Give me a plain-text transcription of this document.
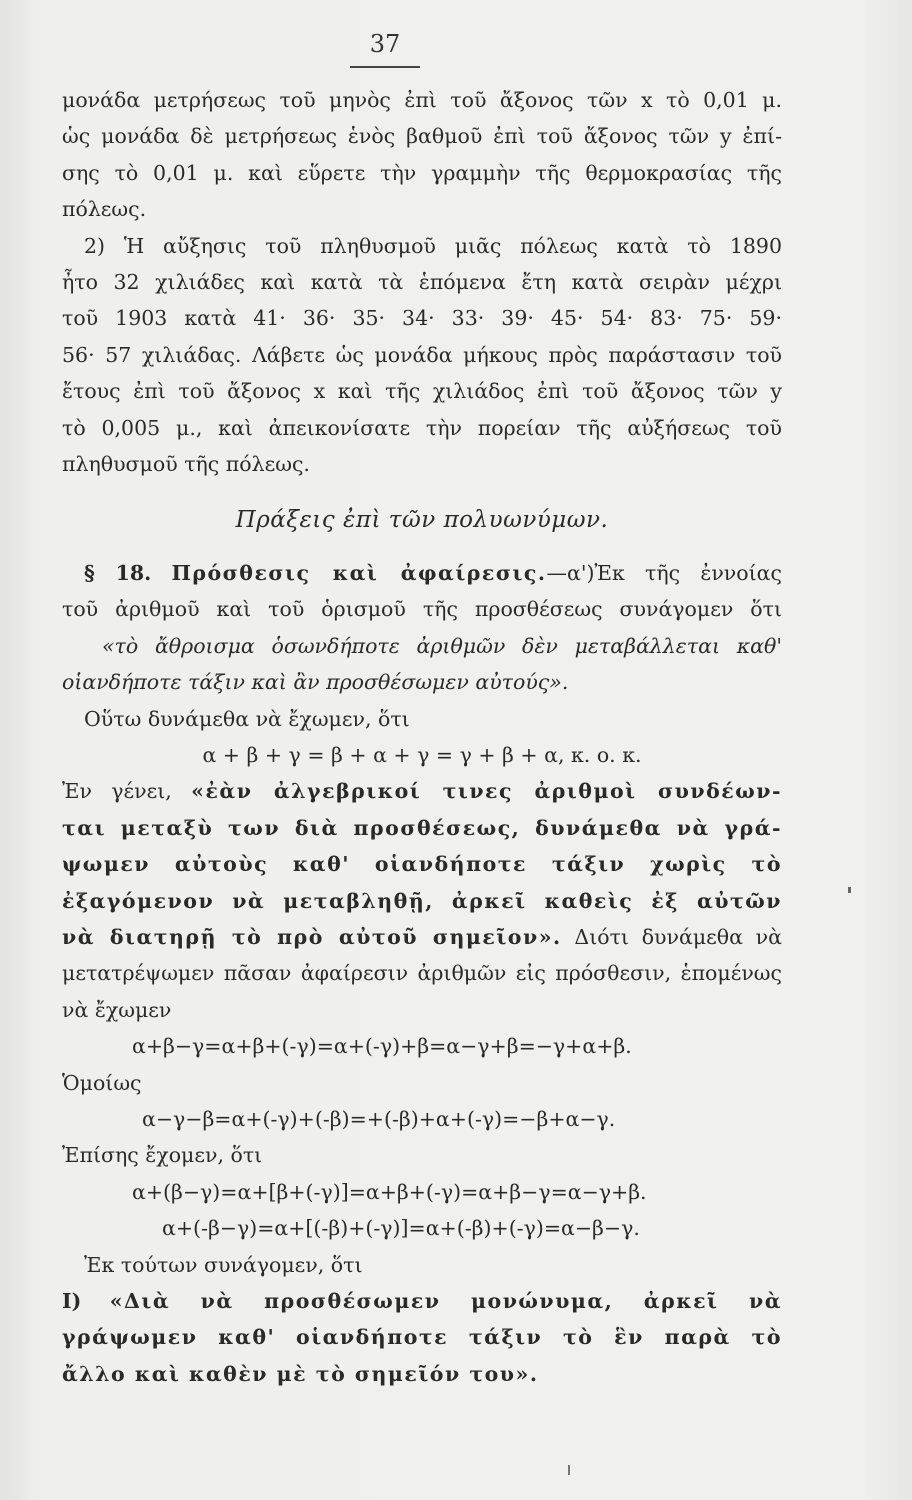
37
μονάδα μετρήσεως τοῦ μηνὸς ἐπὶ τοῦ ἄξονος τῶν x τὸ 0,01 μ.
ὡς μονάδα δὲ μετρήσεως ἑνὸς βαθμοῦ ἐπὶ τοῦ ἄξονος τῶν y ἐπί-
σης τὸ 0,01 μ. καὶ εὕρετε τὴν γραμμὴν τῆς θερμοκρασίας τῆς
πόλεως.
2) Ἡ αὔξησις τοῦ πληθυσμοῦ μιᾶς πόλεως κατὰ τὸ 1890
ἦτο 32 χιλιάδες καὶ κατὰ τὰ ἑπόμενα ἔτη κατὰ σειρὰν μέχρι
τοῦ 1903 κατὰ 41· 36· 35· 34· 33· 39· 45· 54· 83· 75· 59·
56· 57 χιλιάδας. Λάβετε ὡς μονάδα μήκους πρὸς παράστασιν τοῦ
ἔτους ἐπὶ τοῦ ἄξονος x καὶ τῆς χιλιάδος ἐπὶ τοῦ ἄξονος τῶν y
τὸ 0,005 μ., καὶ ἀπεικονίσατε τὴν πορείαν τῆς αὐξήσεως τοῦ
πληθυσμοῦ τῆς πόλεως.
Πράξεις ἐπὶ τῶν πολυωνύμων.
§ 18. Πρόσθεσις καὶ ἀφαίρεσις.—α')Ἐκ τῆς ἐννοίας
τοῦ ἀριθμοῦ καὶ τοῦ ὁρισμοῦ τῆς προσθέσεως συνάγομεν ὅτι
«τὸ ἄθροισμα ὁσωνδήποτε ἀριθμῶν δὲν μεταβάλλεται καθ'
οἱανδήποτε τάξιν καὶ ἂν προσθέσωμεν αὐτούς».
Οὕτω δυνάμεθα νὰ ἔχωμεν, ὅτι
α + β + γ = β + α + γ = γ + β + α, κ. ο. κ.
Ἐν γένει, «ἐὰν ἀλγεβρικοί τινες ἀριθμοὶ συνδέων-
ται μεταξὺ των διὰ προσθέσεως, δυνάμεθα νὰ γρά-
ψωμεν αὐτοὺς καθ' οἱανδήποτε τάξιν χωρὶς τὸ
ἐξαγόμενον νὰ μεταβληθῇ, ἀρκεῖ καθεὶς ἐξ αὐτῶν
νὰ διατηρῇ τὸ πρὸ αὐτοῦ σημεῖον». Διότι δυνάμεθα νὰ
μετατρέψωμεν πᾶσαν ἀφαίρεσιν ἀριθμῶν εἰς πρόσθεσιν, ἑπομένως
νὰ ἔχωμεν
α+β−γ=α+β+(-γ)=α+(-γ)+β=α−γ+β=−γ+α+β.
Ὁμοίως
α−γ−β=α+(-γ)+(-β)=+(-β)+α+(-γ)=−β+α−γ.
Ἐπίσης ἔχομεν, ὅτι
α+(β−γ)=α+[β+(-γ)]=α+β+(-γ)=α+β−γ=α−γ+β.
α+(-β−γ)=α+[(-β)+(-γ)]=α+(-β)+(-γ)=α−β−γ.
Ἐκ τούτων συνάγομεν, ὅτι
I) «Διὰ νὰ προσθέσωμεν μονώνυμα, ἀρκεῖ νὰ
γράψωμεν καθ' οἱανδήποτε τάξιν τὸ ἓν παρὰ τὸ
ἄλλο καὶ καθὲν μὲ τὸ σημεῖόν του».
